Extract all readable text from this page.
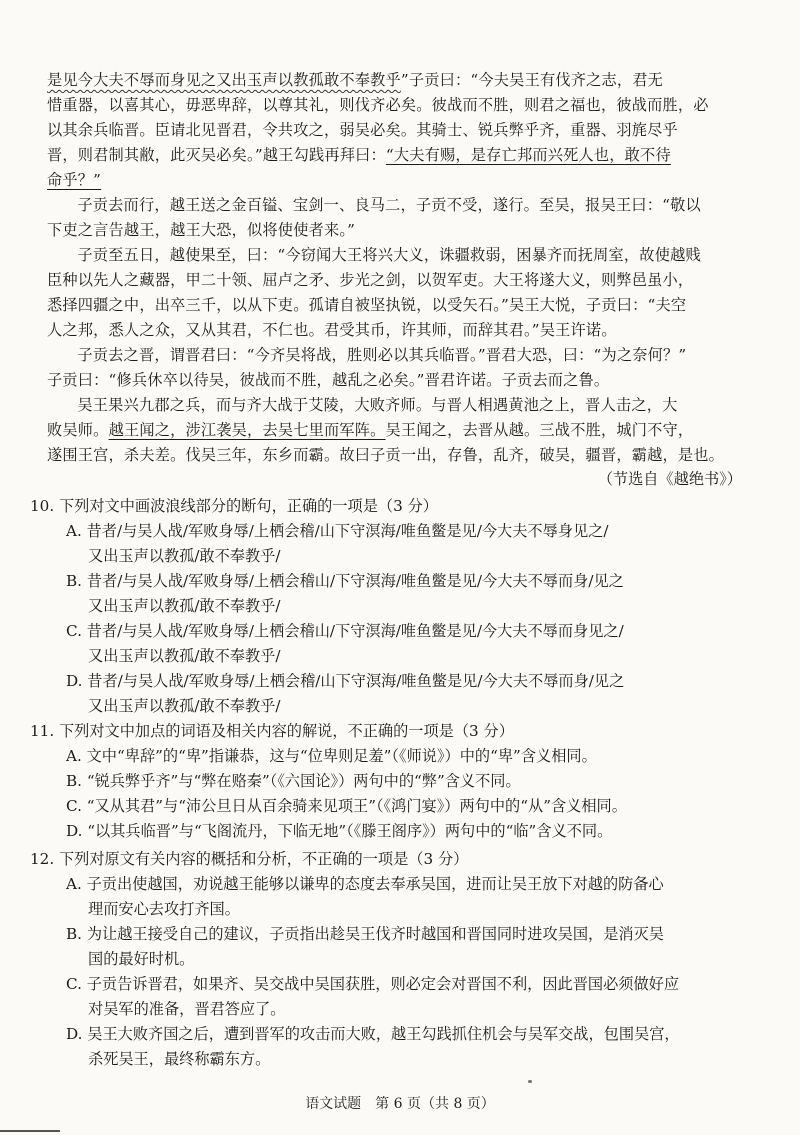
是见今大夫不辱而身见之又出玉声以教孤敢不奉教乎”子贡曰：“今夫吴王有伐齐之志，君无
惜重器，以喜其心，毋恶卑辞，以尊其礼，则伐齐必矣。彼战而不胜，则君之福也，彼战而胜，必
以其余兵临晋。臣请北见晋君，令共攻之，弱吴必矣。其骑士、锐兵弊乎齐，重器、羽旄尽乎
晋，则君制其敝，此灭吴必矣。”越王勾践再拜曰：“大夫有赐，是存亡邦而兴死人也，敢不待
命乎？”
子贡去而行，越王送之金百镒、宝剑一、良马二，子贡不受，遂行。至吴，报吴王曰：“敬以
下吏之言告越王，越王大恐，似将使使者来。”
子贡至五日，越使果至，曰：“今窃闻大王将兴大义，诛疆救弱，困暴齐而抚周室，故使越贱
臣种以先人之藏器，甲二十领、屈卢之矛、步光之剑，以贺军吏。大王将遂大义，则弊邑虽小，
悉择四疆之中，出卒三千，以从下吏。孤请自被坚执锐，以受矢石。”吴王大悦，子贡曰：“夫空
人之邦，悉人之众，又从其君，不仁也。君受其币，许其师，而辞其君。”吴王许诺。
子贡去之晋，谓晋君曰：“今齐吴将战，胜则必以其兵临晋。”晋君大恐，曰：“为之奈何？”
子贡曰：“修兵休卒以待吴，彼战而不胜，越乱之必矣。”晋君许诺。子贡去而之鲁。
吴王果兴九郡之兵，而与齐大战于艾陵，大败齐师。与晋人相遇黄池之上，晋人击之，大
败吴师。越王闻之，涉江袭吴，去吴七里而军阵。吴王闻之，去晋从越。三战不胜，城门不守，
遂围王宫，杀夫差。伐吴三年，东乡而霸。故曰子贡一出，存鲁，乱齐，破吴，疆晋，霸越，是也。
（节选自《越绝书》）
10. 下列对文中画波浪线部分的断句，正确的一项是（3 分）
A. 昔者/与吴人战/军败身辱/上栖会稽/山下守溟海/唯鱼鳖是见/今大夫不辱身见之/
又出玉声以教孤/敢不奉教乎/
B. 昔者/与吴人战/军败身辱/上栖会稽山/下守溟海/唯鱼鳖是见/今大夫不辱而身/见之
又出玉声以教孤/敢不奉教乎/
C. 昔者/与吴人战/军败身辱/上栖会稽山/下守溟海/唯鱼鳖是见/今大夫不辱而身见之/
又出玉声以教孤/敢不奉教乎/
D. 昔者/与吴人战/军败身辱/上栖会稽/山下守溟海/唯鱼鳖是见/今大夫不辱而身/见之
又出玉声以教孤/敢不奉教乎/
11. 下列对文中加点的词语及相关内容的解说，不正确的一项是（3 分）
A. 文中“卑辞”的“卑”指谦恭，这与“位卑则足羞”（《师说》）中的“卑”含义相同。
B. “锐兵弊乎齐”与“弊在赂秦”（《六国论》）两句中的“弊”含义不同。
C. “又从其君”与“沛公旦日从百余骑来见项王”（《鸿门宴》）两句中的“从”含义相同。
D. “以其兵临晋”与“飞阁流丹，下临无地”（《滕王阁序》）两句中的“临”含义不同。
12. 下列对原文有关内容的概括和分析，不正确的一项是（3 分）
A. 子贡出使越国，劝说越王能够以谦卑的态度去奉承吴国，进而让吴王放下对越的防备心
理而安心去攻打齐国。
B. 为让越王接受自己的建议，子贡指出趁吴王伐齐时越国和晋国同时进攻吴国，是消灭吴
国的最好时机。
C. 子贡告诉晋君，如果齐、吴交战中吴国获胜，则必定会对晋国不利，因此晋国必须做好应
对吴军的准备，晋君答应了。
D. 吴王大败齐国之后，遭到晋军的攻击而大败，越王勾践抓住机会与吴军交战，包围吴宫，
杀死吴王，最终称霸东方。
语文试题　第 6 页（共 8 页）
